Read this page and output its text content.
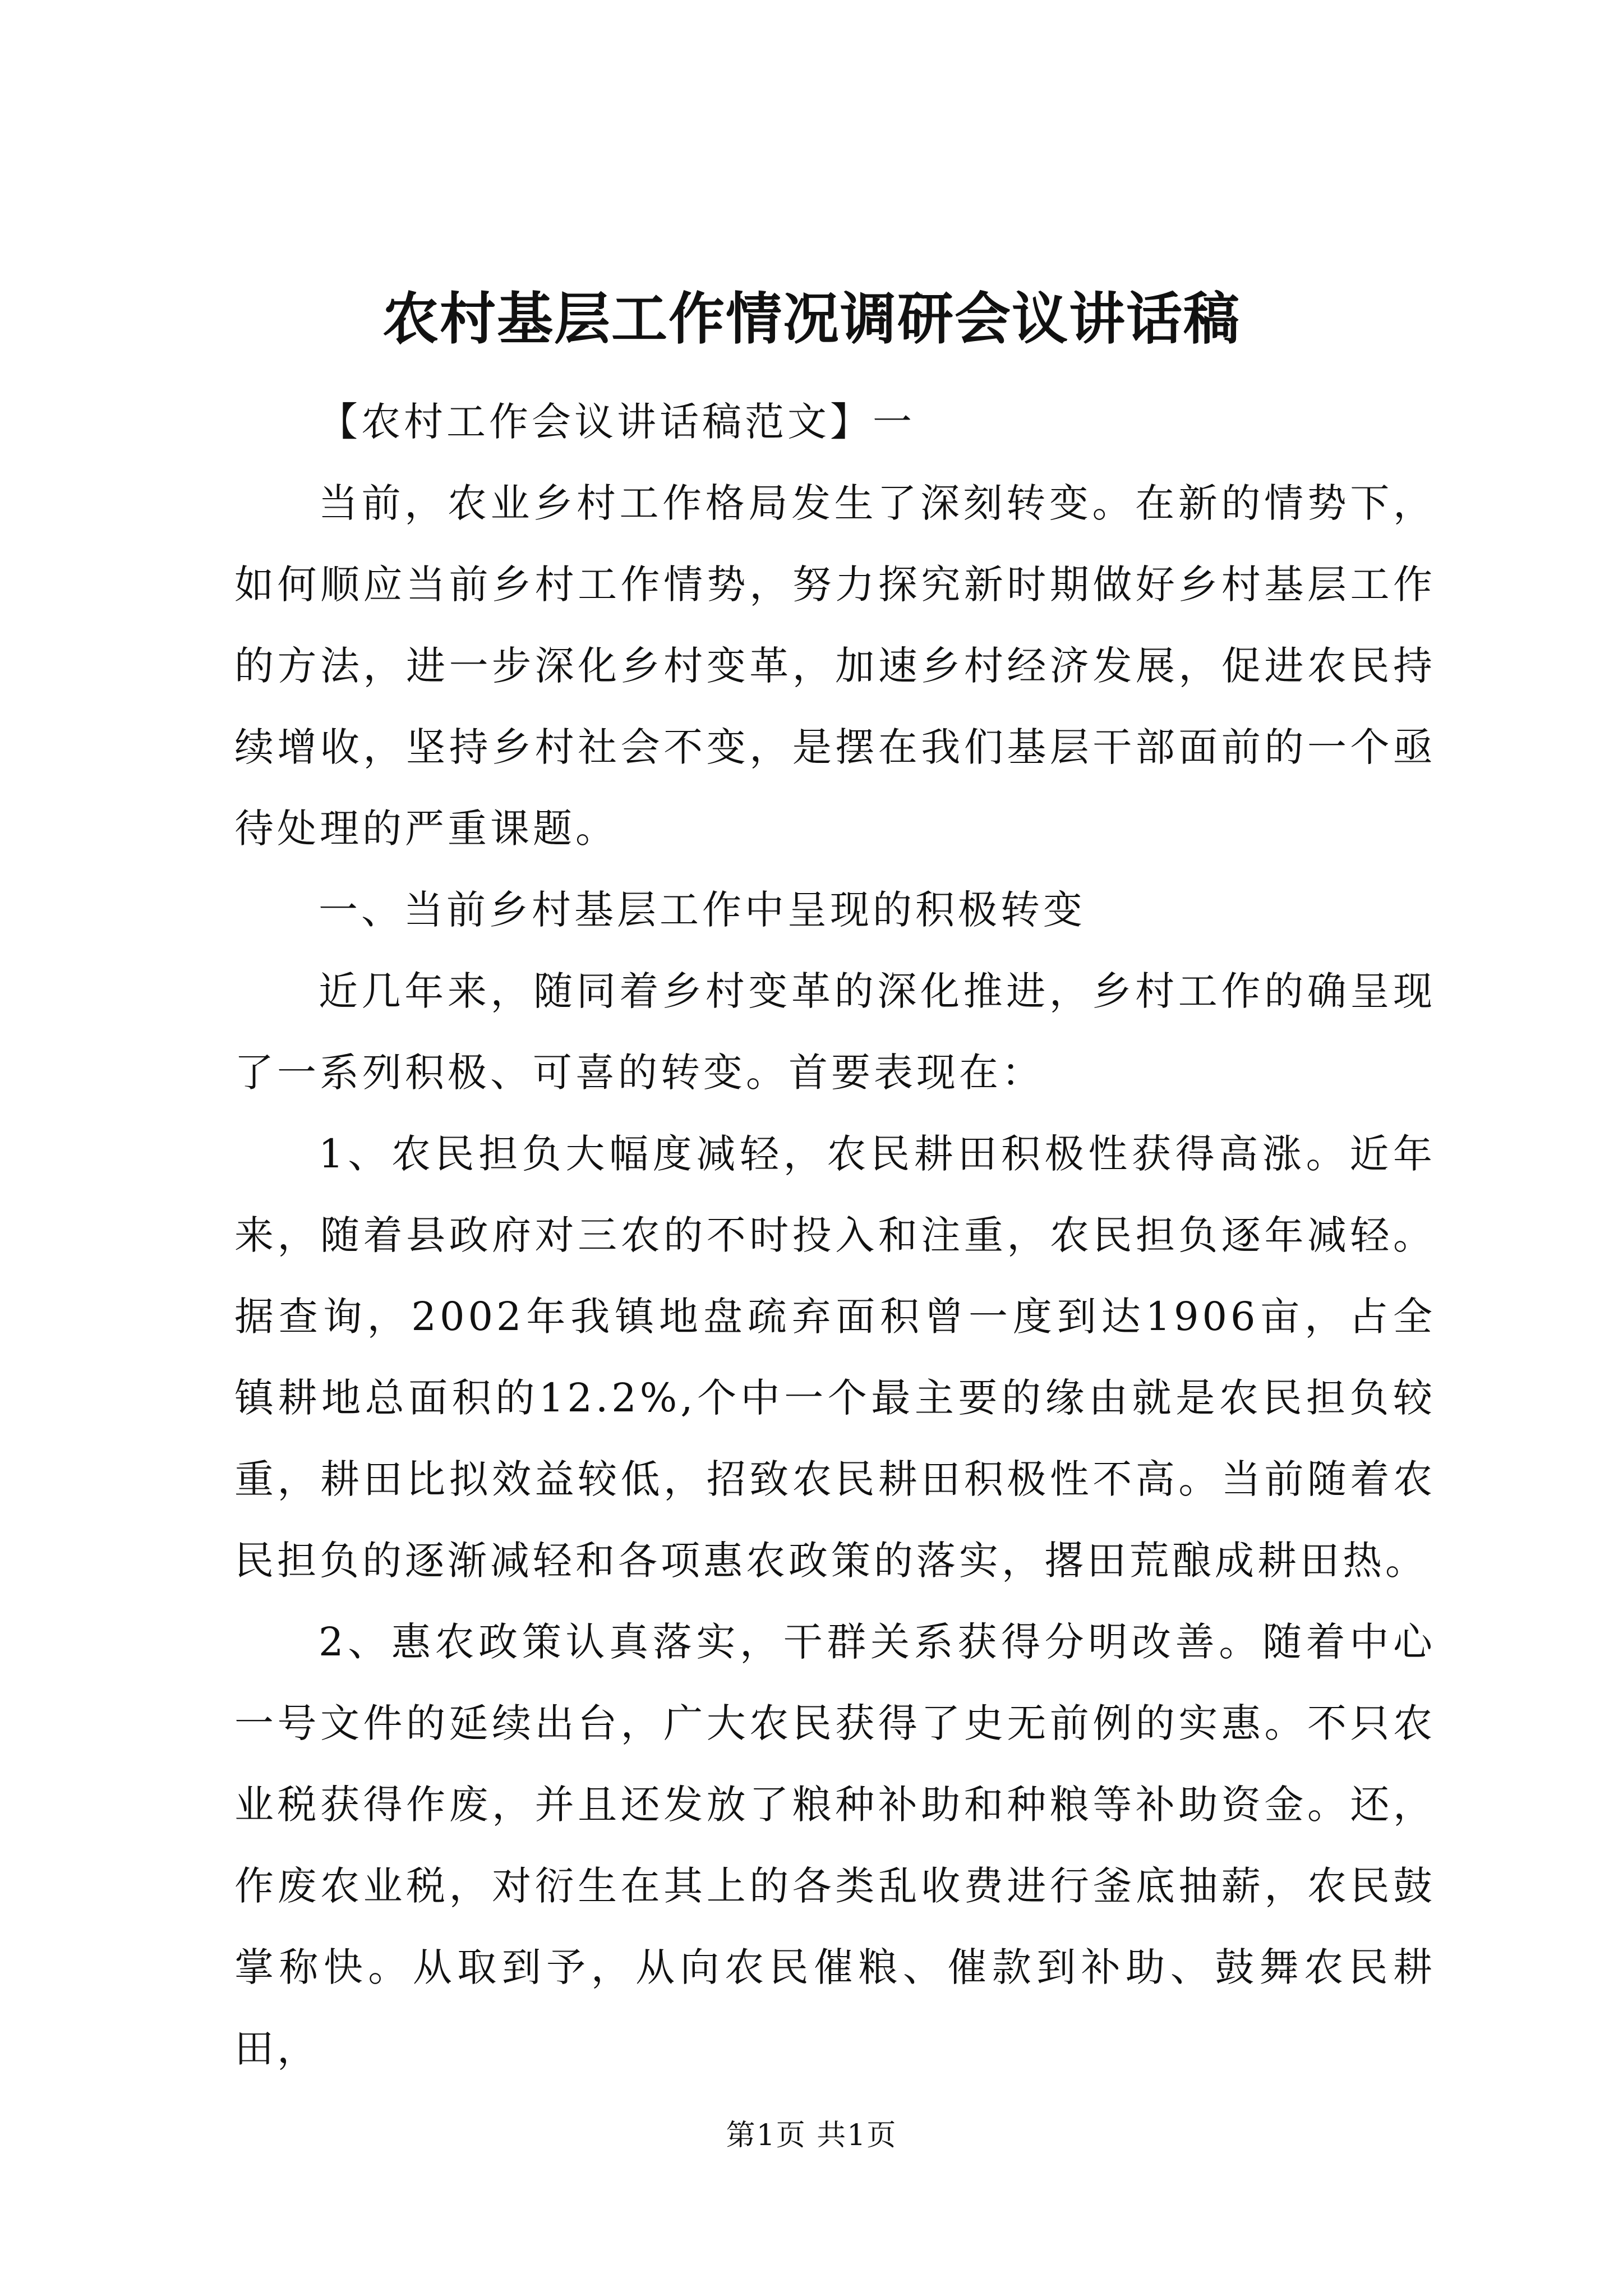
农村基层工作情况调研会议讲话稿

【农村工作会议讲话稿范文】一

当前，农业乡村工作格局发生了深刻转变。在新的情势下，如何顺应当前乡村工作情势，努力探究新时期做好乡村基层工作的方法，进一步深化乡村变革，加速乡村经济发展，促进农民持续增收，坚持乡村社会不变，是摆在我们基层干部面前的一个亟待处理的严重课题。

一、当前乡村基层工作中呈现的积极转变

近几年来，随同着乡村变革的深化推进，乡村工作的确呈现了一系列积极、可喜的转变。首要表现在：

1、农民担负大幅度减轻，农民耕田积极性获得高涨。近年来，随着县政府对三农的不时投入和注重，农民担负逐年减轻。据查询，2002年我镇地盘疏弃面积曾一度到达1906亩，占全镇耕地总面积的12.2%,个中一个最主要的缘由就是农民担负较重，耕田比拟效益较低，招致农民耕田积极性不高。当前随着农民担负的逐渐减轻和各项惠农政策的落实，撂田荒酿成耕田热。

2、惠农政策认真落实，干群关系获得分明改善。随着中心一号文件的延续出台，广大农民获得了史无前例的实惠。不只农业税获得作废，并且还发放了粮种补助和种粮等补助资金。还，作废农业税，对衍生在其上的各类乱收费进行釜底抽薪，农民鼓掌称快。从取到予，从向农民催粮、催款到补助、鼓舞农民耕田，

第1页 共1页
